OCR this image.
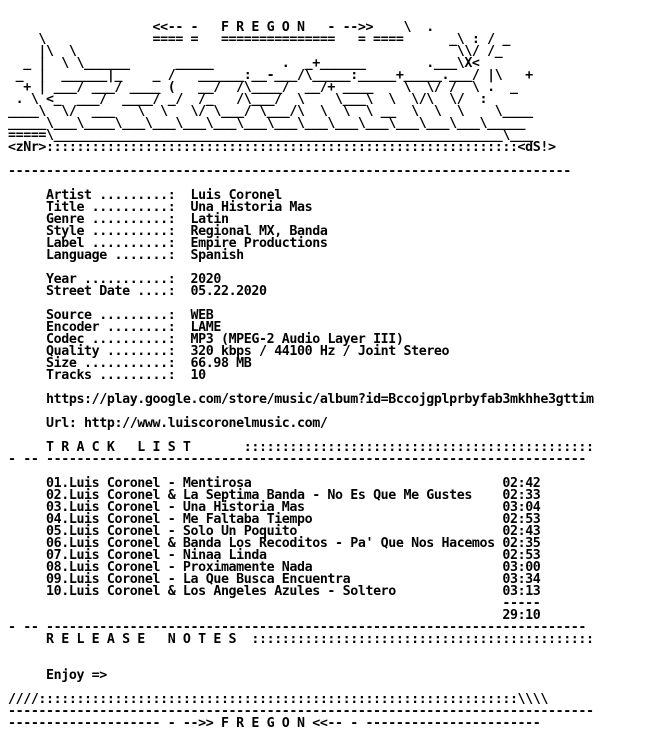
<<-- -   F R E G O N   - -->>    \  .
\              ==== =   ===============   = ====      _\ : / _
|\  \                                                  \\/ /_
_ |  \ \______      _____         .  _+______        .___\X<
_  |  ______|_    _ /   ______:__-___/\_____:_____+_____.___/ |\   +
+ | ___/ ___/ ____ (   __/  /\____/  __/+ ____    \  \/ /  \ .  _
. \ <_  ___/  ____/ _/  /_   /\___/  \    \___\  \  \/\  \/  :
____\  \/  ___   \  \   \/ \___/ \___/\  \  \  \ __  \  \  \    \____
_____\___\____\___\___\___\___\___\___\___\___\___\___\___\___\_____
=====\___________________________________________________________\___
<zNr>::::::::::::::::::::::::::::::::::::::::::::::::::::::::::::::<dS!>
--------------------------------------------------------------------------
Artist .........: Luis Coronel
Title ..........: Una Historia Mas
Genre ..........: Latin
Style ..........: Regional MX, Banda
Label ..........: Empire Productions
Language .......: Spanish
Year ...........: 2020
Street Date ....: 05.22.2020
Source .........: WEB
Encoder ........: LAME
Codec ..........: MP3 (MPEG-2 Audio Layer III)
Quality ........: 320 kbps / 44100 Hz / Joint Stereo
Size ...........: 66.98 MB
Tracks .........: 10
https://play.google.com/store/music/album?id=Bccojgplprbyfab3mkhhe3gttim
Url: http://www.luiscoronelmusic.com/
T R A C K   L I S T       ::::::::::::::::::::::::::::::::::::::::::::::
- -- -----------------------------------------------------------------------
01.Luis Coronel - Mentirosa	02:42
02.Luis Coronel & La Septima Banda - No Es Que Me Gustes 02:33
03.Luis Coronel - Una Historia Mas	03:04
04.Luis Coronel - Me Faltaba Tiempo	02:53
05.Luis Coronel - Solo Un Poquito	02:43
06.Luis Coronel & Banda Los Recoditos - Pa' Que Nos Hacemos 02:35
07.Luis Coronel - Ninaa Linda	02:53
08.Luis Coronel - Proximamente Nada	03:00
09.Luis Coronel - La Que Busca Encuentra	03:34
10.Luis Coronel & Los Angeles Azules - Soltero	03:13
-----
29:10
- -- -----------------------------------------------------------------------
R E L E A S E   N O T E S  :::::::::::::::::::::::::::::::::::::::::::::
Enjoy =>
////:::::::::::::::::::::::::::::::::::::::::::::::::::::::::::::::\\\\
-----------------------------------------------------------------------------
-------------------- - -->> F R E G O N <<-- - -----------------------
